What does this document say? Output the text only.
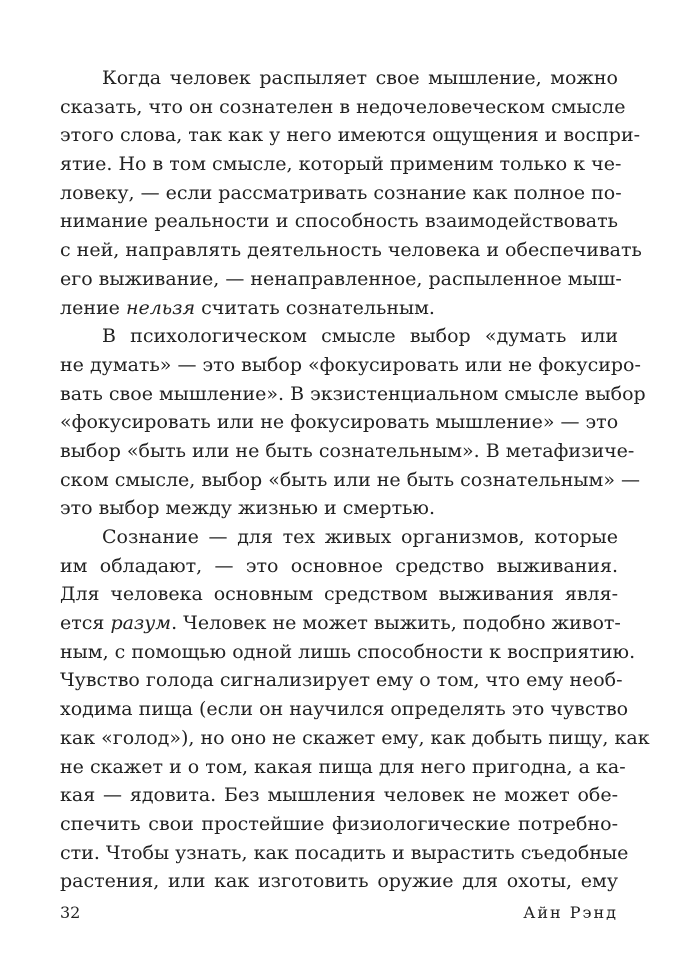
Когда человек распыляет свое мышление, можно
сказать, что он сознателен в недочеловеческом смысле
этого слова, так как у него имеются ощущения и воспри-
ятие. Но в том смысле, который применим только к че-
ловеку, — если рассматривать сознание как полное по-
нимание реальности и способность взаимодействовать
с ней, направлять деятельность человека и обеспечивать
его выживание, — ненаправленное, распыленное мыш-
ление нельзя считать сознательным.
В психологическом смысле выбор «думать или
не думать» — это выбор «фокусировать или не фокусиро-
вать свое мышление». В экзистенциальном смысле выбор
«фокусировать или не фокусировать мышление» — это
выбор «быть или не быть сознательным». В метафизиче-
ском смысле, выбор «быть или не быть сознательным» —
это выбор между жизнью и смертью.
Сознание — для тех живых организмов, которые
им обладают, — это основное средство выживания.
Для человека основным средством выживания явля-
ется разум. Человек не может выжить, подобно живот-
ным, с помощью одной лишь способности к восприятию.
Чувство голода сигнализирует ему о том, что ему необ-
ходима пища (если он научился определять это чувство
как «голод»), но оно не скажет ему, как добыть пищу, как
не скажет и о том, какая пища для него пригодна, а ка-
кая — ядовита. Без мышления человек не может обе-
спечить свои простейшие физиологические потребно-
сти. Чтобы узнать, как посадить и вырастить съедобные
растения, или как изготовить оружие для охоты, ему
32	Айн Рэнд
